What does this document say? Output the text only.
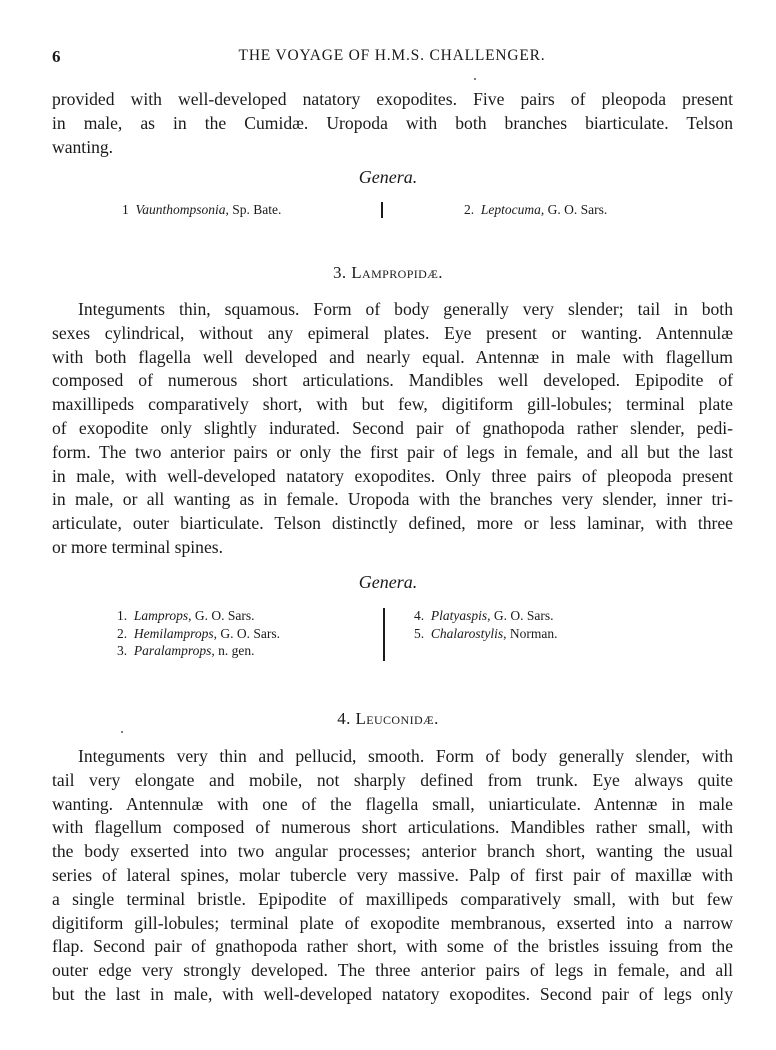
6	THE VOYAGE OF H.M.S. CHALLENGER.
provided with well-developed natatory exopodites. Five pairs of pleopoda present
in male, as in the Cumidæ. Uropoda with both branches biarticulate. Telson
wanting.
Genera.
1 Vaunthompsonia, Sp. Bate.	2. Leptocuma, G. O. Sars.
3. Lampropidæ.
Integuments thin, squamous. Form of body generally very slender; tail in both
sexes cylindrical, without any epimeral plates. Eye present or wanting. Antennulæ
with both flagella well developed and nearly equal. Antennæ in male with flagellum
composed of numerous short articulations. Mandibles well developed. Epipodite of
maxillipeds comparatively short, with but few, digitiform gill-lobules; terminal plate
of exopodite only slightly indurated. Second pair of gnathopoda rather slender, pedi-
form. The two anterior pairs or only the first pair of legs in female, and all but the last
in male, with well-developed natatory exopodites. Only three pairs of pleopoda present
in male, or all wanting as in female. Uropoda with the branches very slender, inner tri-
articulate, outer biarticulate. Telson distinctly defined, more or less laminar, with three
or more terminal spines.
Genera.
1. Lamprops, G. O. Sars.
2. Hemilamprops, G. O. Sars.
3. Paralamprops, n. gen.
4. Platyaspis, G. O. Sars.
5. Chalarostylis, Norman.
4. Leuconidæ.
Integuments very thin and pellucid, smooth. Form of body generally slender, with
tail very elongate and mobile, not sharply defined from trunk. Eye always quite
wanting. Antennulæ with one of the flagella small, uniarticulate. Antennæ in male
with flagellum composed of numerous short articulations. Mandibles rather small, with
the body exserted into two angular processes; anterior branch short, wanting the usual
series of lateral spines, molar tubercle very massive. Palp of first pair of maxillæ with
a single terminal bristle. Epipodite of maxillipeds comparatively small, with but few
digitiform gill-lobules; terminal plate of exopodite membranous, exserted into a narrow
flap. Second pair of gnathopoda rather short, with some of the bristles issuing from the
outer edge very strongly developed. The three anterior pairs of legs in female, and all
but the last in male, with well-developed natatory exopodites. Second pair of legs only
